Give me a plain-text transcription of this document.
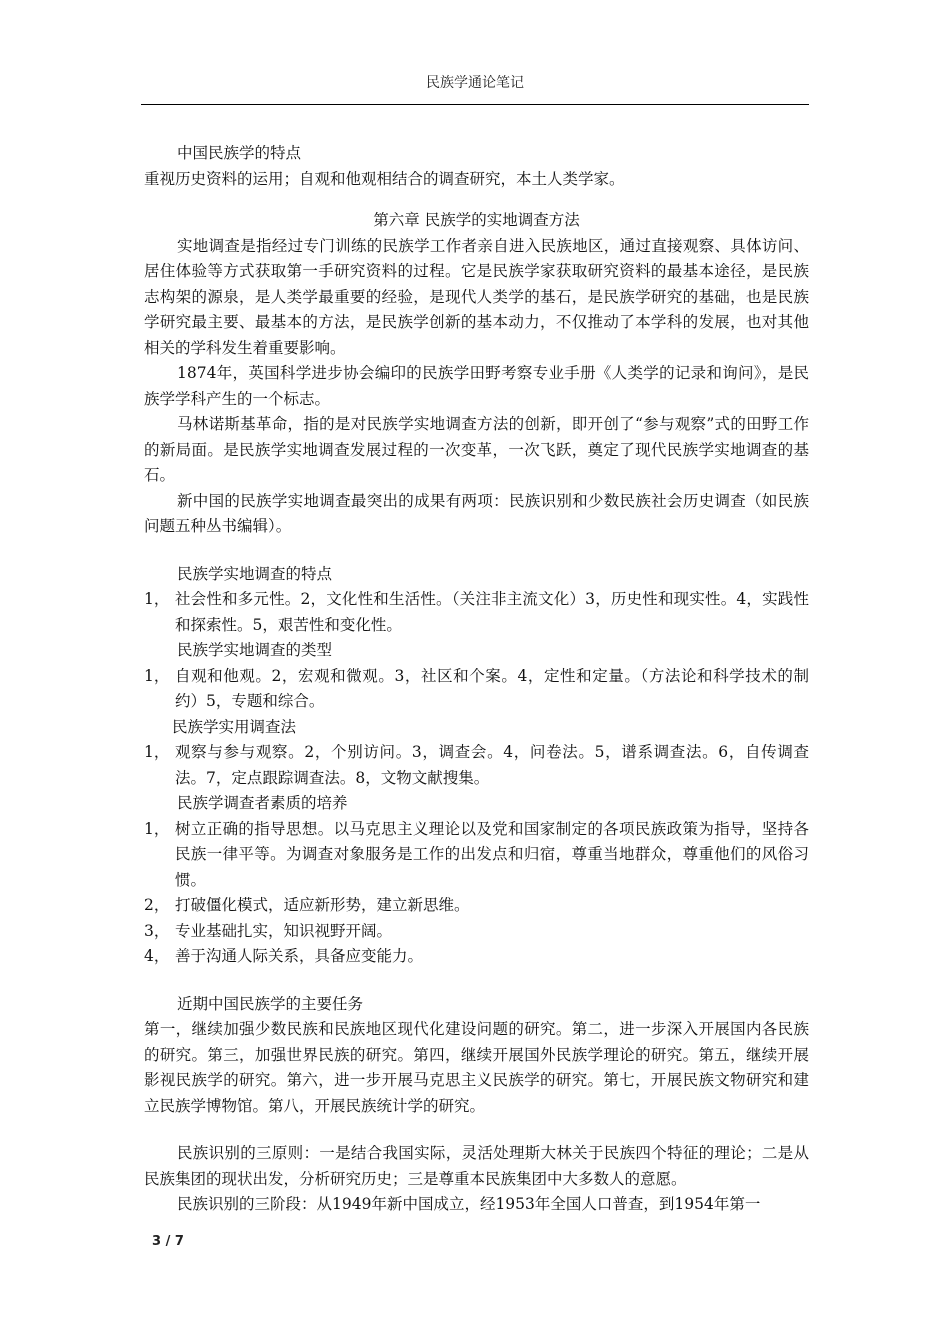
民族学通论笔记

中国民族学的特点

重视历史资料的运用；自观和他观相结合的调查研究，本土人类学家。

第六章 民族学的实地调查方法

实地调查是指经过专门训练的民族学工作者亲自进入民族地区，通过直接观察、具体访问、居住体验等方式获取第一手研究资料的过程。它是民族学家获取研究资料的最基本途径，是民族志构架的源泉，是人类学最重要的经验，是现代人类学的基石，是民族学研究的基础，也是民族学研究最主要、最基本的方法，是民族学创新的基本动力，不仅推动了本学科的发展，也对其他相关的学科发生着重要影响。

1874年，英国科学进步协会编印的民族学田野考察专业手册《人类学的记录和询问》，是民族学学科产生的一个标志。

马林诺斯基革命，指的是对民族学实地调查方法的创新，即开创了“参与观察”式的田野工作的新局面。是民族学实地调查发展过程的一次变革，一次飞跃，奠定了现代民族学实地调查的基石。

新中国的民族学实地调查最突出的成果有两项：民族识别和少数民族社会历史调查（如民族问题五种丛书编辑）。

民族学实地调查的特点

1， 社会性和多元性。2，文化性和生活性。（关注非主流文化）3，历史性和现实性。4，实践性和探索性。5，艰苦性和变化性。

民族学实地调查的类型

1， 自观和他观。2，宏观和微观。3，社区和个案。4，定性和定量。（方法论和科学技术的制约）5，专题和综合。

民族学实用调查法

1， 观察与参与观察。2，个别访问。3，调查会。4，问卷法。5，谱系调查法。6，自传调查法。7，定点跟踪调查法。8，文物文献搜集。

民族学调查者素质的培养

1， 树立正确的指导思想。以马克思主义理论以及党和国家制定的各项民族政策为指导，坚持各民族一律平等。为调查对象服务是工作的出发点和归宿，尊重当地群众，尊重他们的风俗习惯。
2， 打破僵化模式，适应新形势，建立新思维。
3， 专业基础扎实，知识视野开阔。
4， 善于沟通人际关系，具备应变能力。

近期中国民族学的主要任务

第一，继续加强少数民族和民族地区现代化建设问题的研究。第二，进一步深入开展国内各民族的研究。第三，加强世界民族的研究。第四，继续开展国外民族学理论的研究。第五，继续开展影视民族学的研究。第六，进一步开展马克思主义民族学的研究。第七，开展民族文物研究和建立民族学博物馆。第八，开展民族统计学的研究。

民族识别的三原则：一是结合我国实际，灵活处理斯大林关于民族四个特征的理论；二是从民族集团的现状出发，分析研究历史；三是尊重本民族集团中大多数人的意愿。

民族识别的三阶段：从1949年新中国成立，经1953年全国人口普查，到1954年第一

3 / 7
